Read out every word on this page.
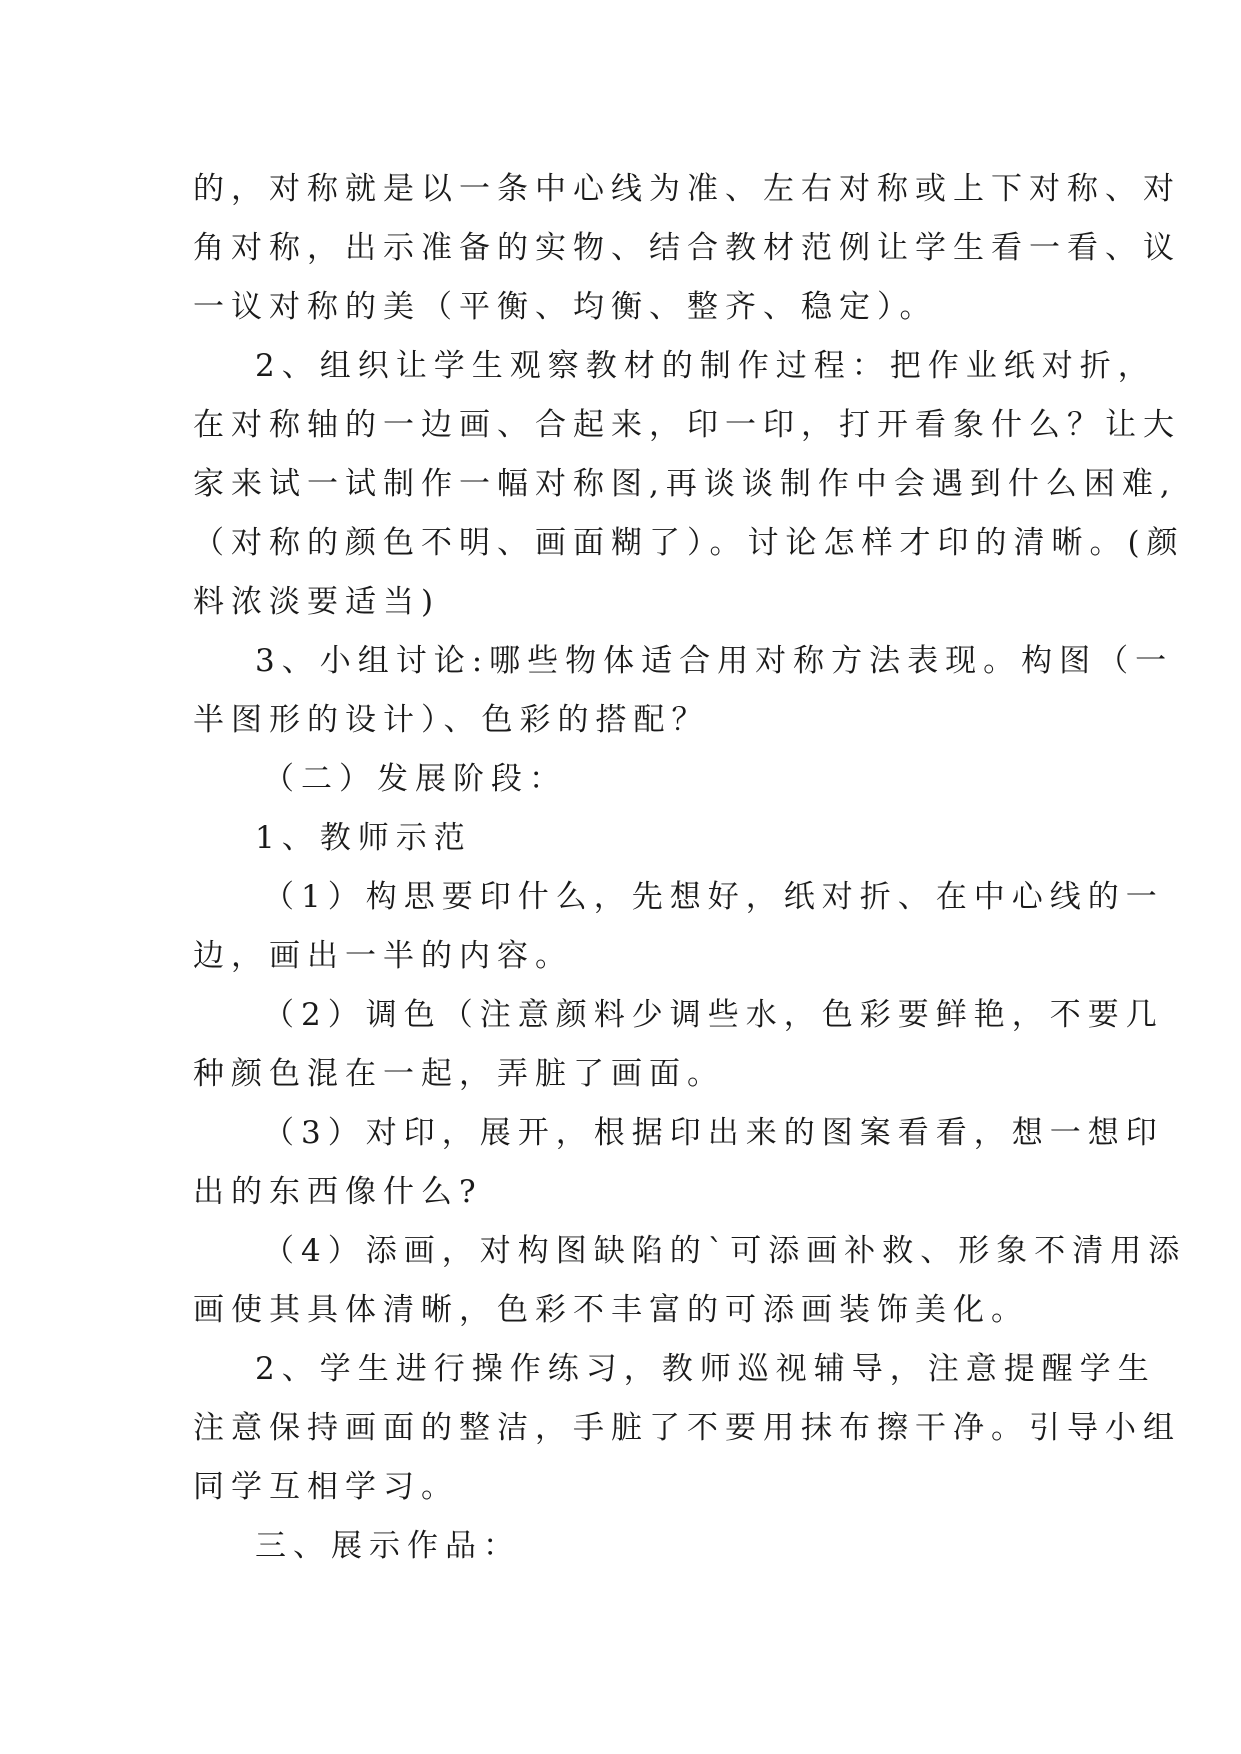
的，对称就是以一条中心线为准、左右对称或上下对称、对
角对称，出示准备的实物、结合教材范例让学生看一看、议
一议对称的美（平衡、均衡、整齐、稳定）。
2、组织让学生观察教材的制作过程：把作业纸对折，
在对称轴的一边画、合起来，印一印，打开看象什么？让大
家来试一试制作一幅对称图,再谈谈制作中会遇到什么困难,
（对称的颜色不明、画面糊了）。讨论怎样才印的清晰。(颜
料浓淡要适当)
3、小组讨论:哪些物体适合用对称方法表现。构图（一
半图形的设计）、色彩的搭配？
（二）发展阶段：
1、教师示范
（1）构思要印什么，先想好，纸对折、在中心线的一
边，画出一半的内容。
（2）调色（注意颜料少调些水，色彩要鲜艳，不要几
种颜色混在一起，弄脏了画面。
（3）对印，展开，根据印出来的图案看看，想一想印
出的东西像什么?
（4）添画，对构图缺陷的`可添画补救、形象不清用添
画使其具体清晰，色彩不丰富的可添画装饰美化。
2、学生进行操作练习，教师巡视辅导，注意提醒学生
注意保持画面的整洁，手脏了不要用抹布擦干净。引导小组
同学互相学习。
三、展示作品：
